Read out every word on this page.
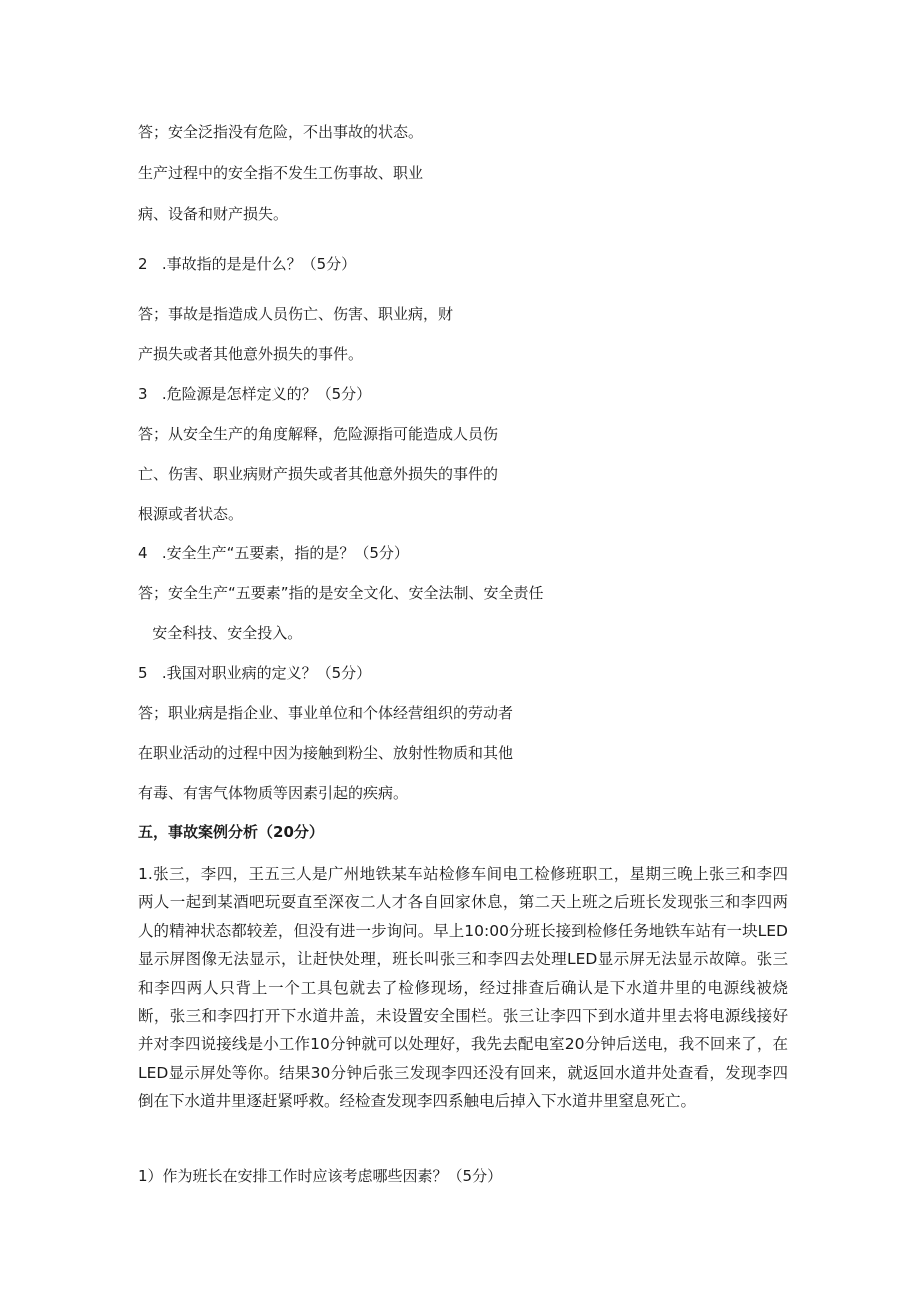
答；安全泛指没有危险，不出事故的状态。
生产过程中的安全指不发生工伤事故、职业
病、设备和财产损失。
2   .事故指的是是什么？（5分）
答；事故是指造成人员伤亡、伤害、职业病，财
产损失或者其他意外损失的事件。
3   .危险源是怎样定义的？（5分）
答；从安全生产的角度解释，危险源指可能造成人员伤
亡、伤害、职业病财产损失或者其他意外损失的事件的
根源或者状态。
4   .安全生产“五要素，指的是？（5分）
答；安全生产“五要素”指的是安全文化、安全法制、安全责任
安全科技、安全投入。
5   .我国对职业病的定义？（5分）
答；职业病是指企业、事业单位和个体经营组织的劳动者
在职业活动的过程中因为接触到粉尘、放射性物质和其他
有毒、有害气体物质等因素引起的疾病。
五，事故案例分析（20分）
1.张三，李四，王五三人是广州地铁某车站检修车间电工检修班职工，星期三晚上张三和李四两人一起到某酒吧玩耍直至深夜二人才各自回家休息，第二天上班之后班长发现张三和李四两人的精神状态都较差，但没有进一步询问。早上10:00分班长接到检修任务地铁车站有一块LED显示屏图像无法显示，让赶快处理，班长叫张三和李四去处理LED显示屏无法显示故障。张三和李四两人只背上一个工具包就去了检修现场，经过排查后确认是下水道井里的电源线被烧断，张三和李四打开下水道井盖，未设置安全围栏。张三让李四下到水道井里去将电源线接好并对李四说接线是小工作10分钟就可以处理好，我先去配电室20分钟后送电，我不回来了，在LED显示屏处等你。结果30分钟后张三发现李四还没有回来，就返回水道井处查看，发现李四倒在下水道井里逐赶紧呼救。经检查发现李四系触电后掉入下水道井里窒息死亡。
1）作为班长在安排工作时应该考虑哪些因素？（5分）
